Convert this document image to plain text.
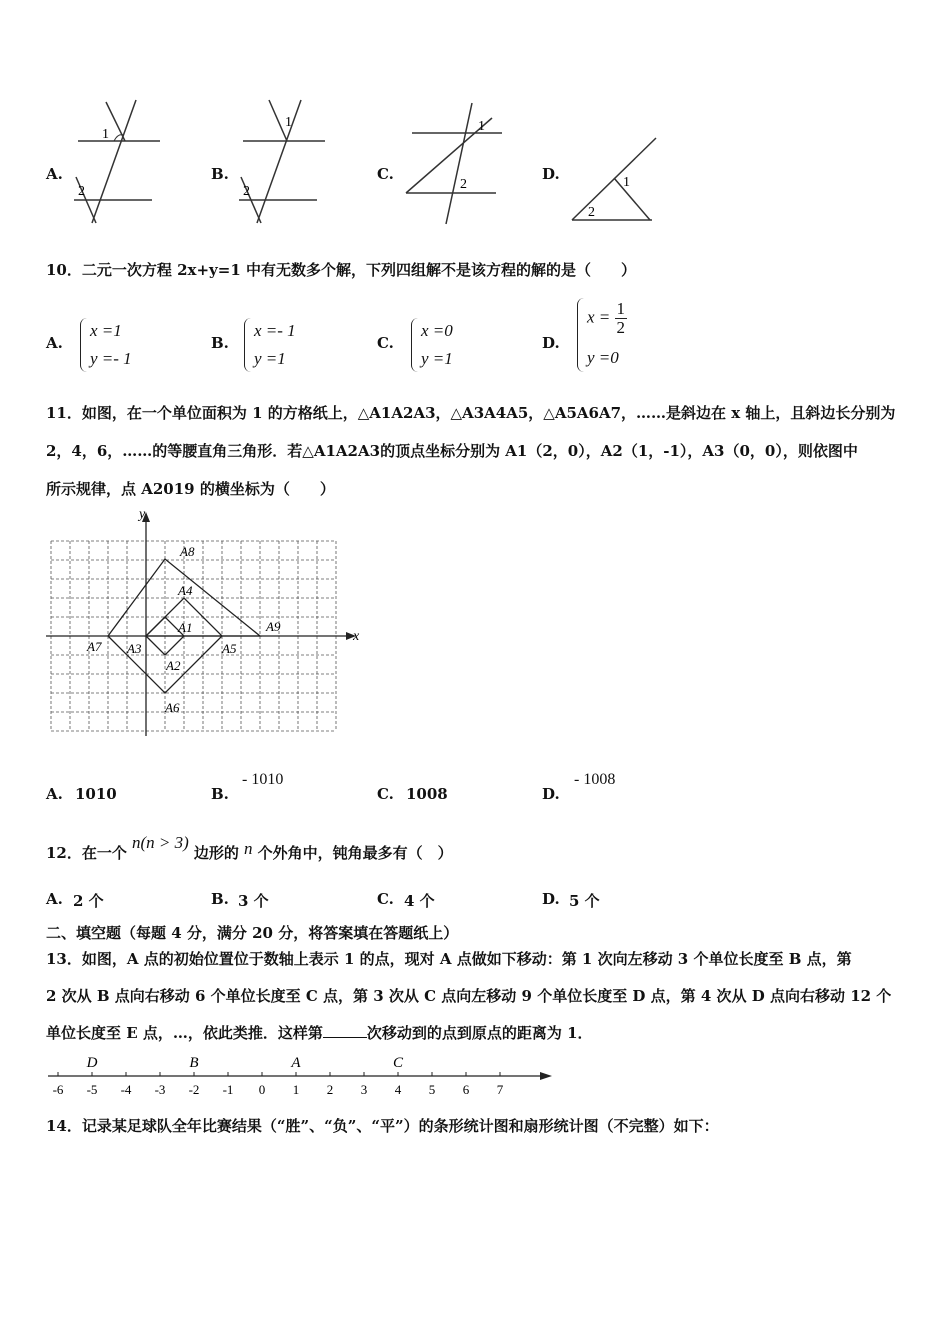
A.
1
2
B.
1
2
C.
1
2
D.	1
2
10．二元一次方程 2x+y=1 中有无数多个解，下列四组解不是该方程的解的是（　　）
A.
x =1
y =- 1
B.
x =- 1
y =1
C.
x =0
y =1
D.
$x = \frac{1}{2}$
y =0
11．如图，在一个单位面积为 1 的方格纸上，△A1A2A3，△A3A4A5，△A5A6A7，……是斜边在 x 轴上，且斜边长分别为
2，4，6，……的等腰直角三角形．若△A1A2A3的顶点坐标分别为 A1（2，0），A2（1，-1），A3（0，0），则依图中
所示规律，点 A2019 的横坐标为（　　）
y
x
A1
A2
A3
A4
A5
A6
A7
A8
A9
A. 1010	B.
- 1010
C. 1008	D.
- 1008
12．在一个 n(n > 3) 边形的 n 个外角中，钝角最多有（　）
A. 2 个	B. 3 个	C. 4 个	D. 5 个
二、填空题（每题 4 分，满分 20 分，将答案填在答题纸上）
13．如图，A 点的初始位置位于数轴上表示 1 的点，现对 A 点做如下移动：第 1 次向左移动 3 个单位长度至 B 点，第
2 次从 B 点向右移动 6 个单位长度至 C 点，第 3 次从 C 点向左移动 9 个单位长度至 D 点，第 4 次从 D 点向右移动 12 个
单位长度至 E 点，…，依此类推．这样第	次移动到的点到原点的距离为 1．
-6 -5 -4 -3 -2 -1 0 1 2 3 4 5 6 7
D	B	A	C
14．记录某足球队全年比赛结果（“胜”、“负”、“平”）的条形统计图和扇形统计图（不完整）如下：
